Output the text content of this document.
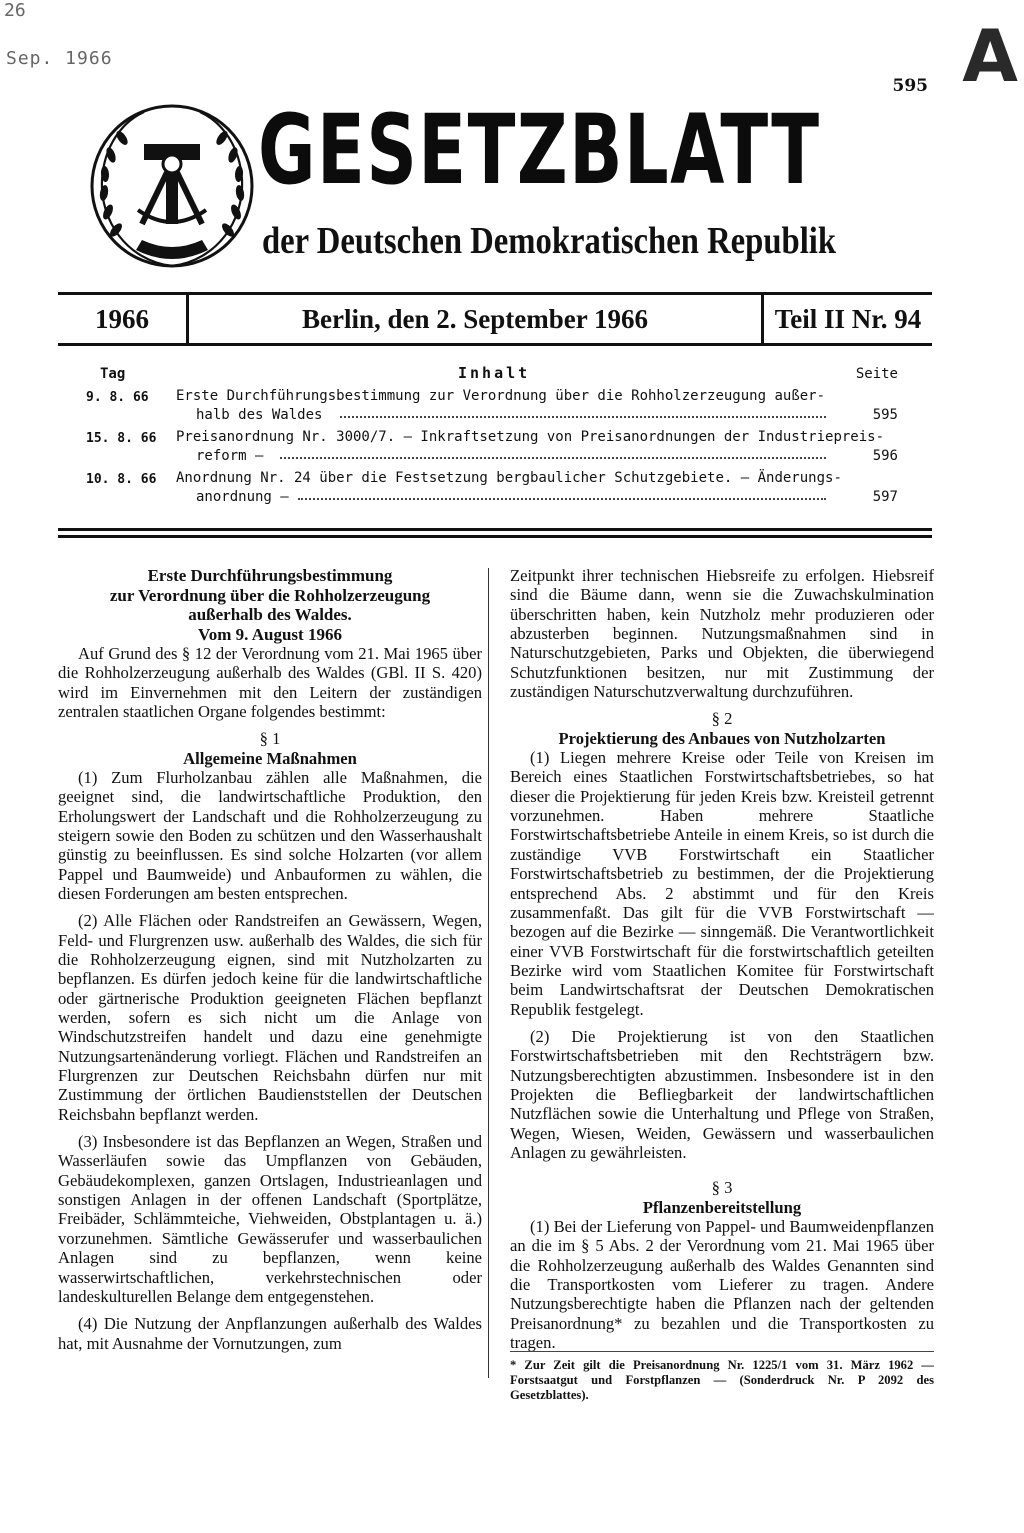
26
Sep. 1966	A
595
GESETZBLATT
der Deutschen Demokratischen Republik
1966	Berlin, den 2. September 1966	Teil II Nr. 94
Tag	Inhalt	Seite
9. 8. 66 Erste Durchführungsbestimmung zur Verordnung über die Rohholzerzeugung außer-
halb des Waldes	595
15. 8. 66 Preisanordnung Nr. 3000/7. — Inkraftsetzung von Preisanordnungen der Industriepreis-
reform —	596
10. 8. 66 Anordnung Nr. 24 über die Festsetzung bergbaulicher Schutzgebiete. — Änderungs-
anordnung —	597

Erste Durchführungsbestimmung

zur Verordnung über die Rohholzerzeugung

außerhalb des Waldes.

Vom 9. August 1966

Auf Grund des § 12 der Verordnung vom 21. Mai 1965 über die Rohholzerzeugung außerhalb des Waldes (GBl. II S. 420) wird im Einvernehmen mit den Leitern der zuständigen zentralen staatlichen Organe folgendes bestimmt:

§ 1

Allgemeine Maßnahmen

(1) Zum Flurholzanbau zählen alle Maßnahmen, die geeignet sind, die landwirtschaftliche Produktion, den Erholungswert der Landschaft und die Rohholzerzeugung zu steigern sowie den Boden zu schützen und den Wasserhaushalt günstig zu beeinflussen. Es sind solche Holzarten (vor allem Pappel und Baumweide) und Anbauformen zu wählen, die diesen Forderungen am besten entsprechen.

(2) Alle Flächen oder Randstreifen an Gewässern, Wegen, Feld- und Flurgrenzen usw. außerhalb des Waldes, die sich für die Rohholzerzeugung eignen, sind mit Nutzholzarten zu bepflanzen. Es dürfen jedoch keine für die landwirtschaftliche oder gärtnerische Produktion geeigneten Flächen bepflanzt werden, sofern es sich nicht um die Anlage von Windschutzstreifen handelt und dazu eine genehmigte Nutzungsartenänderung vorliegt. Flächen und Randstreifen an Flurgrenzen zur Deutschen Reichsbahn dürfen nur mit Zustimmung der örtlichen Baudienststellen der Deutschen Reichsbahn bepflanzt werden.

(3) Insbesondere ist das Bepflanzen an Wegen, Straßen und Wasserläufen sowie das Umpflanzen von Gebäuden, Gebäudekomplexen, ganzen Ortslagen, Industrieanlagen und sonstigen Anlagen in der offenen Landschaft (Sportplätze, Freibäder, Schlämmteiche, Viehweiden, Obstplantagen u. ä.) vorzunehmen. Sämtliche Gewässerufer und wasserbaulichen Anlagen sind zu bepflanzen, wenn keine wasserwirtschaftlichen, verkehrstechnischen oder landeskulturellen Belange dem entgegenstehen.

(4) Die Nutzung der Anpflanzungen außerhalb des Waldes hat, mit Ausnahme der Vornutzungen, zum

Zeitpunkt ihrer technischen Hiebsreife zu erfolgen. Hiebsreif sind die Bäume dann, wenn sie die Zuwachskulmination überschritten haben, kein Nutzholz mehr produzieren oder abzusterben beginnen. Nutzungsmaßnahmen sind in Naturschutzgebieten, Parks und Objekten, die überwiegend Schutzfunktionen besitzen, nur mit Zustimmung der zuständigen Naturschutzverwaltung durchzuführen.

§ 2

Projektierung des Anbaues von Nutzholzarten

(1) Liegen mehrere Kreise oder Teile von Kreisen im Bereich eines Staatlichen Forstwirtschaftsbetriebes, so hat dieser die Projektierung für jeden Kreis bzw. Kreisteil getrennt vorzunehmen. Haben mehrere Staatliche Forstwirtschaftsbetriebe Anteile in einem Kreis, so ist durch die zuständige VVB Forstwirtschaft ein Staatlicher Forstwirtschaftsbetrieb zu bestimmen, der die Projektierung entsprechend Abs. 2 abstimmt und für den Kreis zusammenfaßt. Das gilt für die VVB Forstwirtschaft — bezogen auf die Bezirke — sinngemäß. Die Verantwortlichkeit einer VVB Forstwirtschaft für die forstwirtschaftlich geteilten Bezirke wird vom Staatlichen Komitee für Forstwirtschaft beim Landwirtschaftsrat der Deutschen Demokratischen Republik festgelegt.

(2) Die Projektierung ist von den Staatlichen Forstwirtschaftsbetrieben mit den Rechtsträgern bzw. Nutzungsberechtigten abzustimmen. Insbesondere ist in den Projekten die Befliegbarkeit der landwirtschaftlichen Nutzflächen sowie die Unterhaltung und Pflege von Straßen, Wegen, Wiesen, Weiden, Gewässern und wasserbaulichen Anlagen zu gewährleisten.

§ 3

Pflanzenbereitstellung

(1) Bei der Lieferung von Pappel- und Baumweidenpflanzen an die im § 5 Abs. 2 der Verordnung vom 21. Mai 1965 über die Rohholzerzeugung außerhalb des Waldes Genannten sind die Transportkosten vom Lieferer zu tragen. Andere Nutzungsberechtigte haben die Pflanzen nach der geltenden Preisanordnung* zu bezahlen und die Transportkosten zu tragen.

* Zur Zeit gilt die Preisanordnung Nr. 1225/1 vom 31. März 1962 — Forstsaatgut und Forstpflanzen — (Sonderdruck Nr. P 2092 des Gesetzblattes).
